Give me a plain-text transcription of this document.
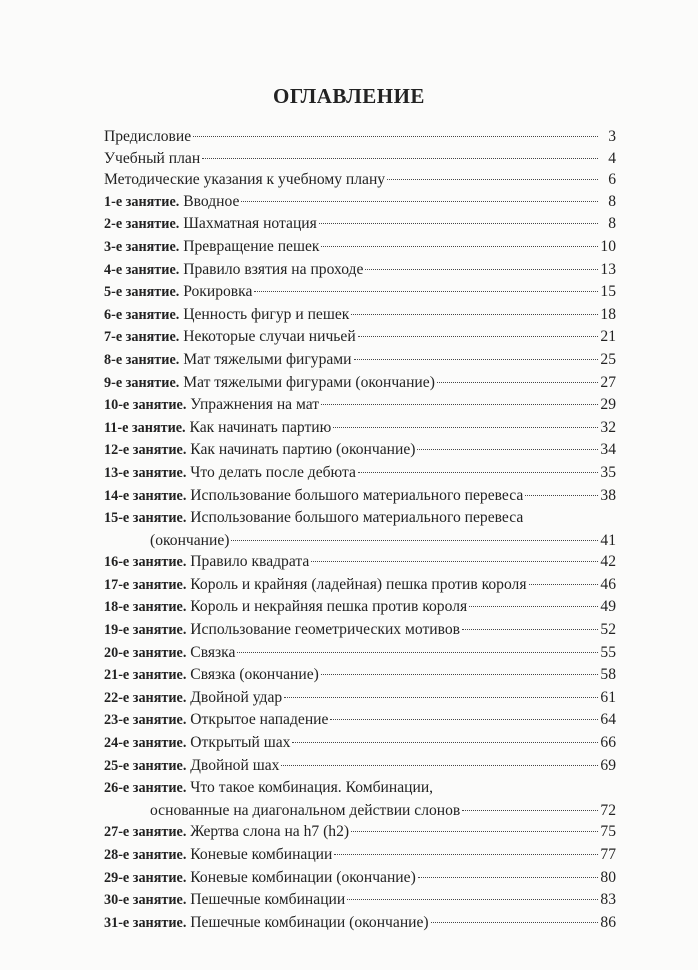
ОГЛАВЛЕНИЕ
Предисловие	3
Учебный план	4
Методические указания к учебному плану	6
1-е занятие. Вводное	8
2-е занятие. Шахматная нотация	8
3-е занятие. Превращение пешек	10
4-е занятие. Правило взятия на проходе	13
5-е занятие. Рокировка	15
6-е занятие. Ценность фигур и пешек	18
7-е занятие. Некоторые случаи ничьей	21
8-е занятие. Мат тяжелыми фигурами	25
9-е занятие. Мат тяжелыми фигурами (окончание)	27
10-е занятие. Упражнения на мат	29
11-е занятие. Как начинать партию	32
12-е занятие. Как начинать партию (окончание)	34
13-е занятие. Что делать после дебюта	35
14-е занятие. Использование большого материального перевеса	38
15-е занятие. Использование большого материального перевеса
(окончание)	41
16-е занятие. Правило квадрата	42
17-е занятие. Король и крайняя (ладейная) пешка против короля	46
18-е занятие. Король и некрайняя пешка против короля	49
19-е занятие. Использование геометрических мотивов	52
20-е занятие. Связка	55
21-е занятие. Связка (окончание)	58
22-е занятие. Двойной удар	61
23-е занятие. Открытое нападение	64
24-е занятие. Открытый шах	66
25-е занятие. Двойной шах	69
26-е занятие. Что такое комбинация. Комбинации,
основанные на диагональном действии слонов	72
27-е занятие. Жертва слона на h7 (h2)	75
28-е занятие. Коневые комбинации	77
29-е занятие. Коневые комбинации (окончание)	80
30-е занятие. Пешечные комбинации	83
31-е занятие. Пешечные комбинации (окончание)	86
